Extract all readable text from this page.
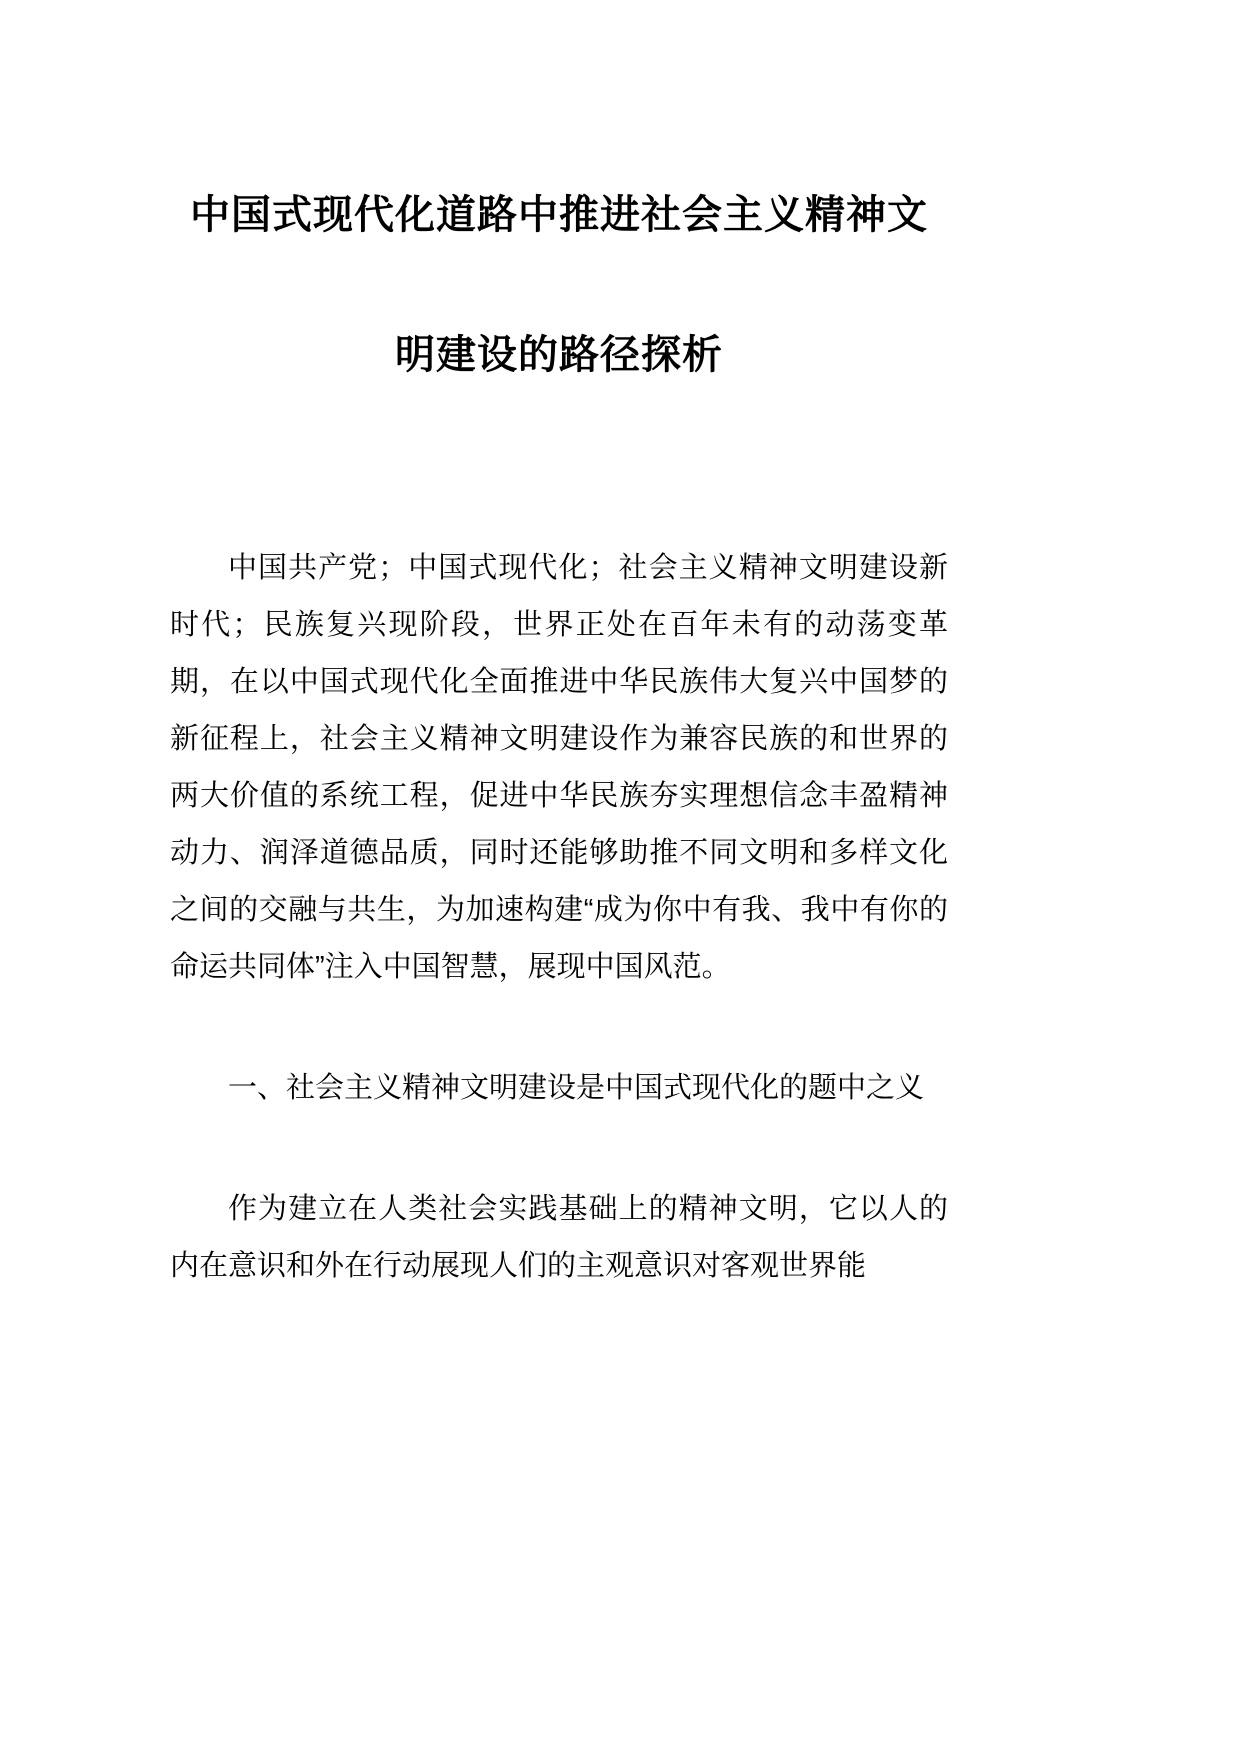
中国式现代化道路中推进社会主义精神文
明建设的路径探析

中国共产党；中国式现代化；社会主义精神文明建设新时代；民族复兴现阶段，世界正处在百年未有的动荡变革期，在以中国式现代化全面推进中华民族伟大复兴中国梦的新征程上，社会主义精神文明建设作为兼容民族的和世界的两大价值的系统工程，促进中华民族夯实理想信念丰盈精神动力、润泽道德品质，同时还能够助推不同文明和多样文化之间的交融与共生，为加速构建“成为你中有我、我中有你的命运共同体”注入中国智慧，展现中国风范。

一、社会主义精神文明建设是中国式现代化的题中之义

作为建立在人类社会实践基础上的精神文明，它以人的内在意识和外在行动展现人们的主观意识对客观世界能
